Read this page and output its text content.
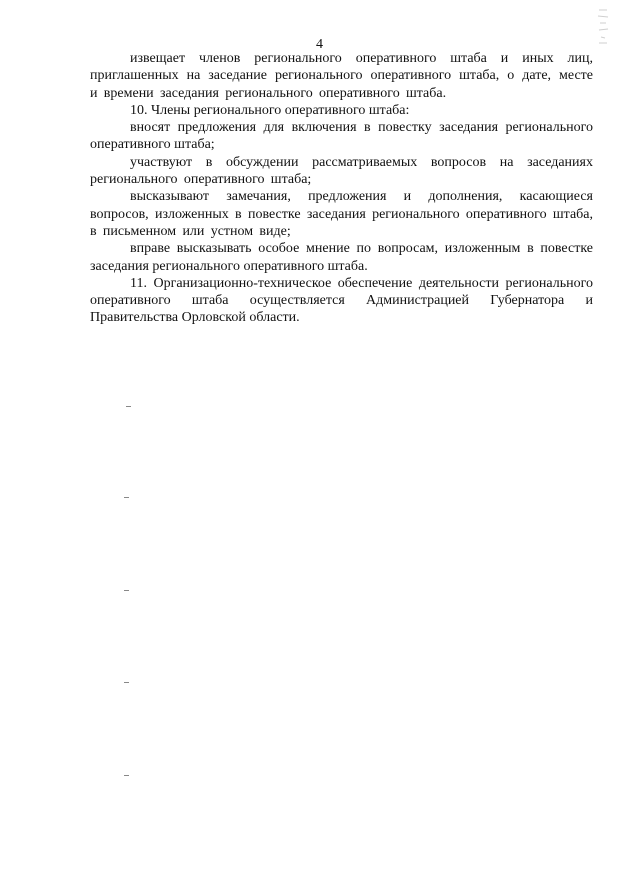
4

извещает членов регионального оперативного штаба и иных лиц, приглашенных на заседание регионального оперативного штаба, о дате, месте и времени заседания регионального оперативного штаба.

10. Члены регионального оперативного штаба:

вносят предложения для включения в повестку заседания регионального оперативного штаба;

участвуют в обсуждении рассматриваемых вопросов на заседаниях регионального оперативного штаба;

высказывают замечания, предложения и дополнения, касающиеся вопросов, изложенных в повестке заседания регионального оперативного штаба, в письменном или устном виде;

вправе высказывать особое мнение по вопросам, изложенным в повестке заседания регионального оперативного штаба.

11. Организационно-техническое обеспечение деятельности регионального оперативного штаба осуществляется Администрацией Губернатора и Правительства Орловской области.
